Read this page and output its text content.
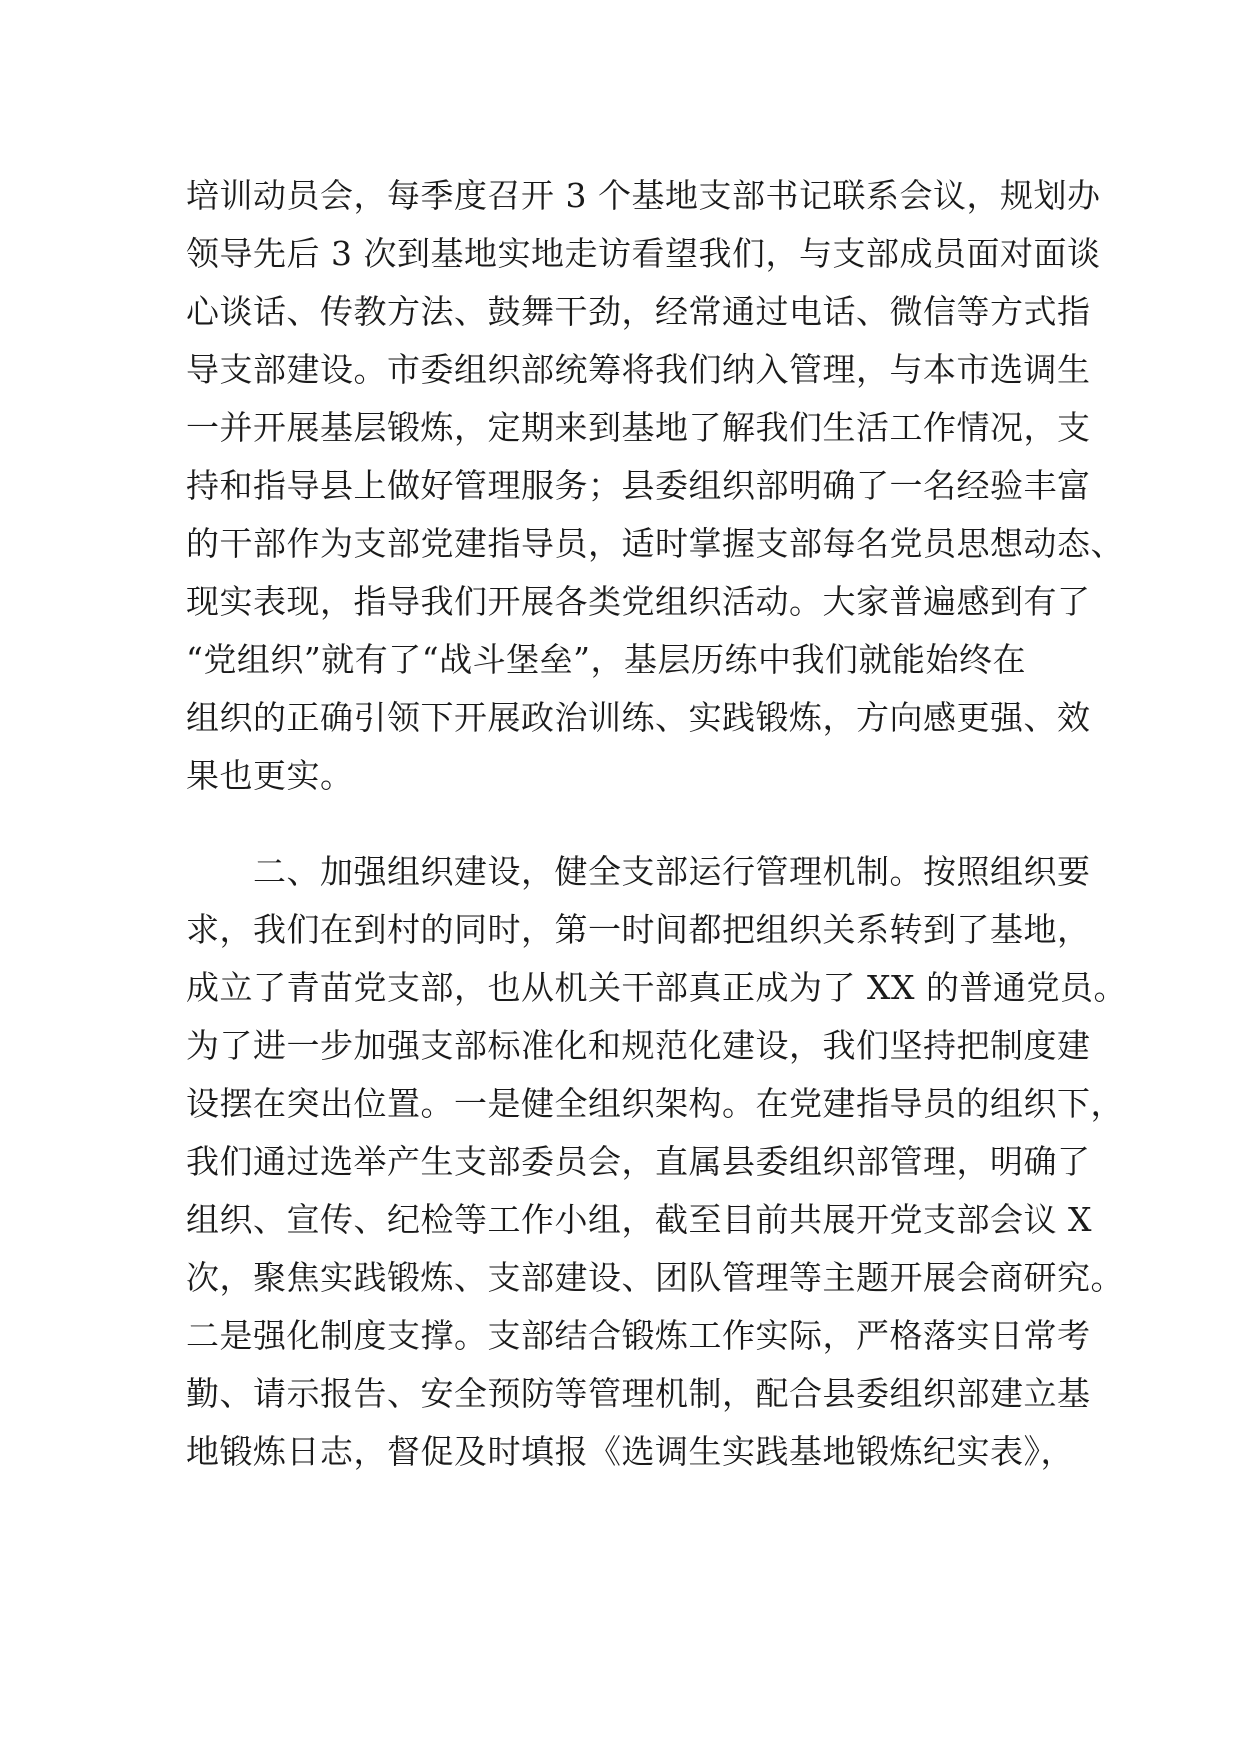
培训动员会，每季度召开 3 个基地支部书记联系会议，规划办
领导先后 3 次到基地实地走访看望我们，与支部成员面对面谈
心谈话、传教方法、鼓舞干劲，经常通过电话、微信等方式指
导支部建设。市委组织部统筹将我们纳入管理，与本市选调生
一并开展基层锻炼，定期来到基地了解我们生活工作情况，支
持和指导县上做好管理服务；县委组织部明确了一名经验丰富
的干部作为支部党建指导员，适时掌握支部每名党员思想动态、
现实表现，指导我们开展各类党组织活动。大家普遍感到有了
“党组织”就有了“战斗堡垒”，基层历练中我们就能始终在
组织的正确引领下开展政治训练、实践锻炼，方向感更强、效
果也更实。
　　二、加强组织建设，健全支部运行管理机制。按照组织要
求，我们在到村的同时，第一时间都把组织关系转到了基地，
成立了青苗党支部，也从机关干部真正成为了 XX 的普通党员。
为了进一步加强支部标准化和规范化建设，我们坚持把制度建
设摆在突出位置。一是健全组织架构。在党建指导员的组织下，
我们通过选举产生支部委员会，直属县委组织部管理，明确了
组织、宣传、纪检等工作小组，截至目前共展开党支部会议 X
次，聚焦实践锻炼、支部建设、团队管理等主题开展会商研究。
二是强化制度支撑。支部结合锻炼工作实际，严格落实日常考
勤、请示报告、安全预防等管理机制，配合县委组织部建立基
地锻炼日志，督促及时填报《选调生实践基地锻炼纪实表》，
